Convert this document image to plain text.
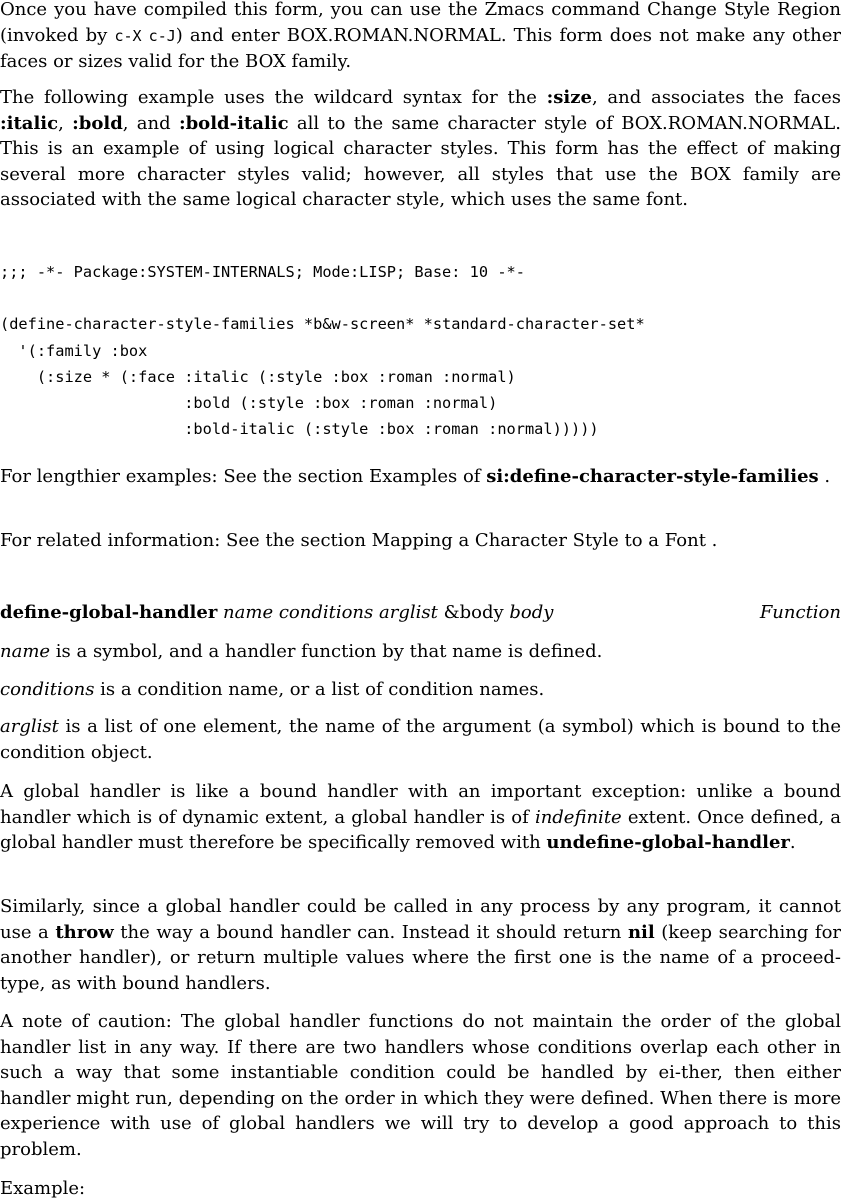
Once you have compiled this form, you can use the Zmacs command Change Style Region (invoked by c-X c-J) and enter BOX.ROMAN.NORMAL. This form does not make any other faces or sizes valid for the BOX family.
The following example uses the wildcard syntax for the :size, and associates the faces :italic, :bold, and :bold-italic all to the same character style of BOX.ROMAN.NORMAL. This is an example of using logical character styles. This form has the effect of making several more character styles valid; however, all styles that use the BOX family are associated with the same logical character style, which uses the same font.
;;; -*- Package:SYSTEM-INTERNALS; Mode:LISP; Base: 10 -*-

(define-character-style-families *b&w-screen* *standard-character-set*
'(:family :box
(:size * (:face :italic (:style :box :roman :normal)
:bold (:style :box :roman :normal)
:bold-italic (:style :box :roman :normal)))))
For lengthier examples: See the section Examples of si:define-character-style-families .
For related information: See the section Mapping a Character Style to a Font .
define-global-handler name conditions arglist &body body	Function
name is a symbol, and a handler function by that name is defined.
conditions is a condition name, or a list of condition names.
arglist is a list of one element, the name of the argument (a symbol) which is bound to the condition object.
A global handler is like a bound handler with an important exception: unlike a bound handler which is of dynamic extent, a global handler is of indefinite extent. Once defined, a global handler must therefore be specifically removed with undefine-global-handler.
Similarly, since a global handler could be called in any process by any program, it cannot use a throw the way a bound handler can. Instead it should return nil (keep searching for another handler), or return multiple values where the first one is the name of a proceed-type, as with bound handlers.
A note of caution: The global handler functions do not maintain the order of the global handler list in any way. If there are two handlers whose conditions overlap each other in such a way that some instantiable condition could be handled by ei-ther, then either handler might run, depending on the order in which they were defined. When there is more experience with use of global handlers we will try to develop a good approach to this problem.
Example:
